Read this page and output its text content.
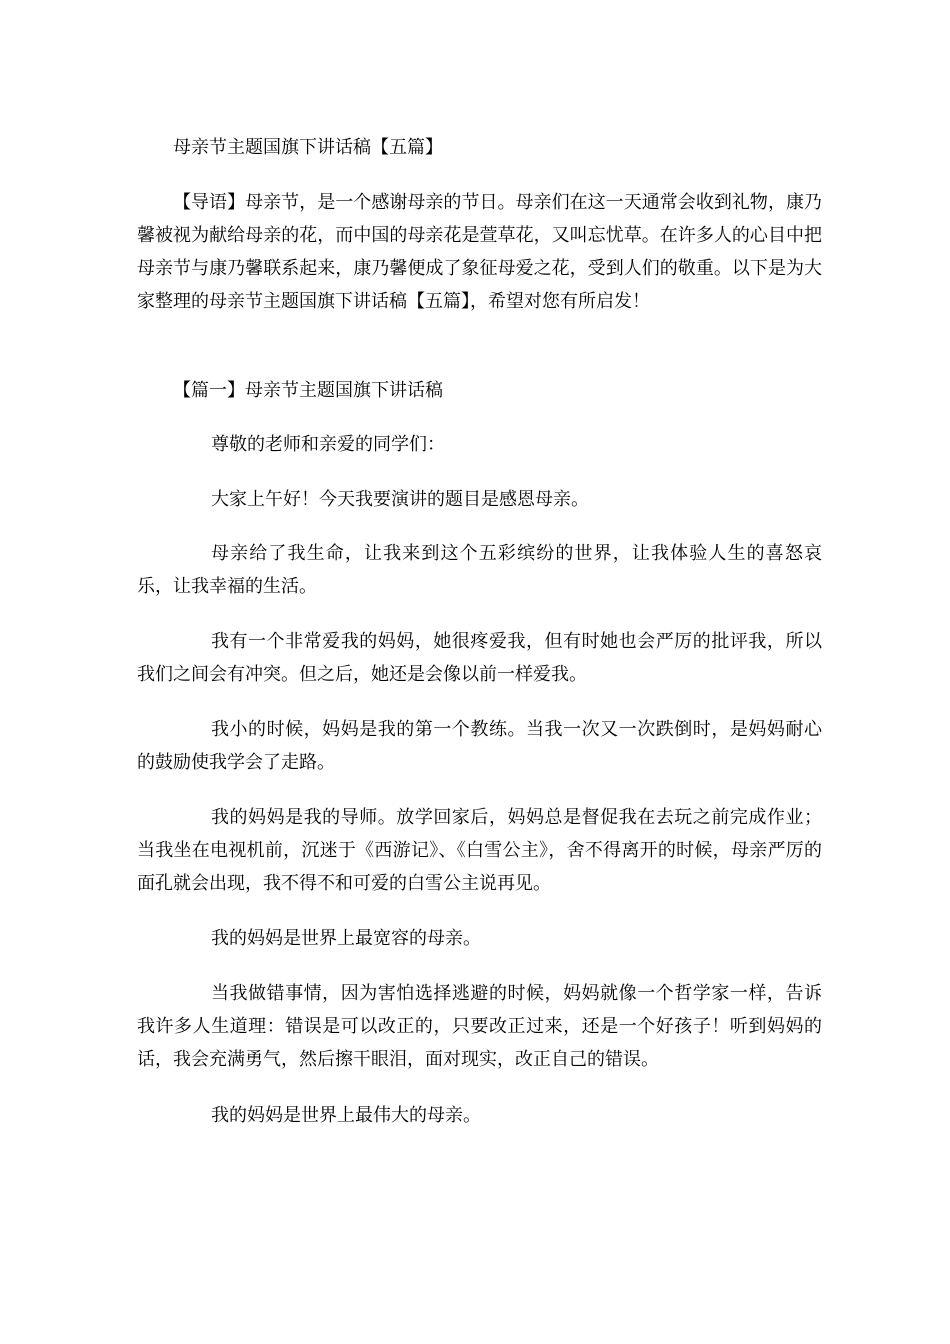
母亲节主题国旗下讲话稿【五篇】

【导语】母亲节，是一个感谢母亲的节日。母亲们在这一天通常会收到礼物，康乃馨被视为献给母亲的花，而中国的母亲花是萱草花，又叫忘忧草。在许多人的心目中把母亲节与康乃馨联系起来，康乃馨便成了象征母爱之花，受到人们的敬重。以下是为大家整理的母亲节主题国旗下讲话稿【五篇】，希望对您有所启发！

【篇一】母亲节主题国旗下讲话稿

尊敬的老师和亲爱的同学们：

大家上午好！今天我要演讲的题目是感恩母亲。

母亲给了我生命，让我来到这个五彩缤纷的世界，让我体验人生的喜怒哀乐，让我幸福的生活。

我有一个非常爱我的妈妈，她很疼爱我，但有时她也会严厉的批评我，所以我们之间会有冲突。但之后，她还是会像以前一样爱我。

我小的时候，妈妈是我的第一个教练。当我一次又一次跌倒时，是妈妈耐心的鼓励使我学会了走路。

我的妈妈是我的导师。放学回家后，妈妈总是督促我在去玩之前完成作业；当我坐在电视机前，沉迷于《西游记》、《白雪公主》，舍不得离开的时候，母亲严厉的面孔就会出现，我不得不和可爱的白雪公主说再见。

我的妈妈是世界上最宽容的母亲。

当我做错事情，因为害怕选择逃避的时候，妈妈就像一个哲学家一样，告诉我许多人生道理：错误是可以改正的，只要改正过来，还是一个好孩子！听到妈妈的话，我会充满勇气，然后擦干眼泪，面对现实，改正自己的错误。

我的妈妈是世界上最伟大的母亲。
